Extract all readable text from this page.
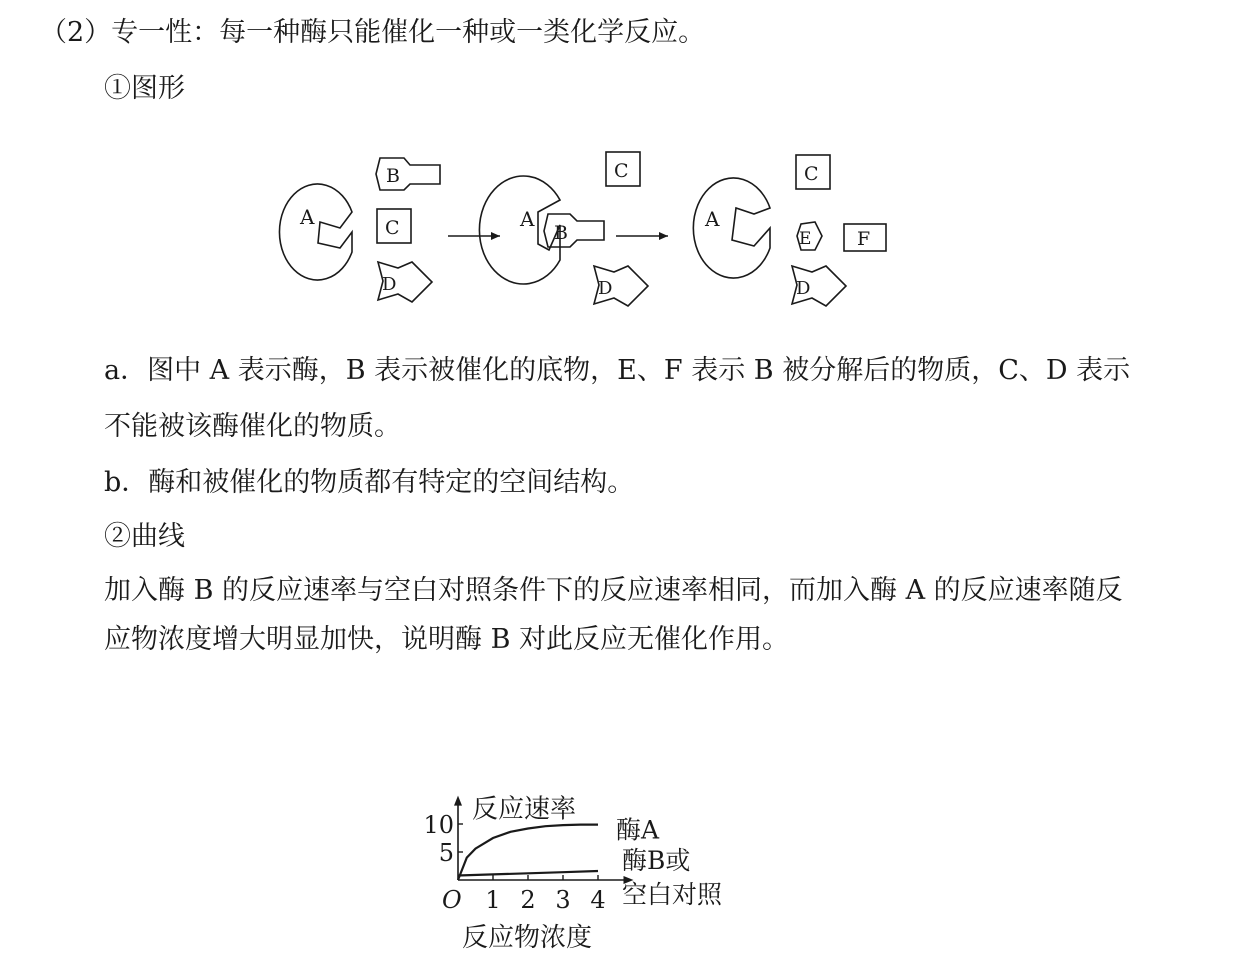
（2）专一性：每一种酶只能催化一种或一类化学反应。
①图形
A
B
C
D
A
B
C
D
A
C
E F
D
a．图中 A 表示酶，B 表示被催化的底物，E、F 表示 B 被分解后的物质，C、D 表示
不能被该酶催化的物质。
b．酶和被催化的物质都有特定的空间结构。
②曲线
加入酶 B 的反应速率与空白对照条件下的反应速率相同，而加入酶 A 的反应速率随反
应物浓度增大明显加快，说明酶 B 对此反应无催化作用。
反应速率
反应物浓度
O 1 2 3 4
5
10	酶A
酶B或
空白对照
